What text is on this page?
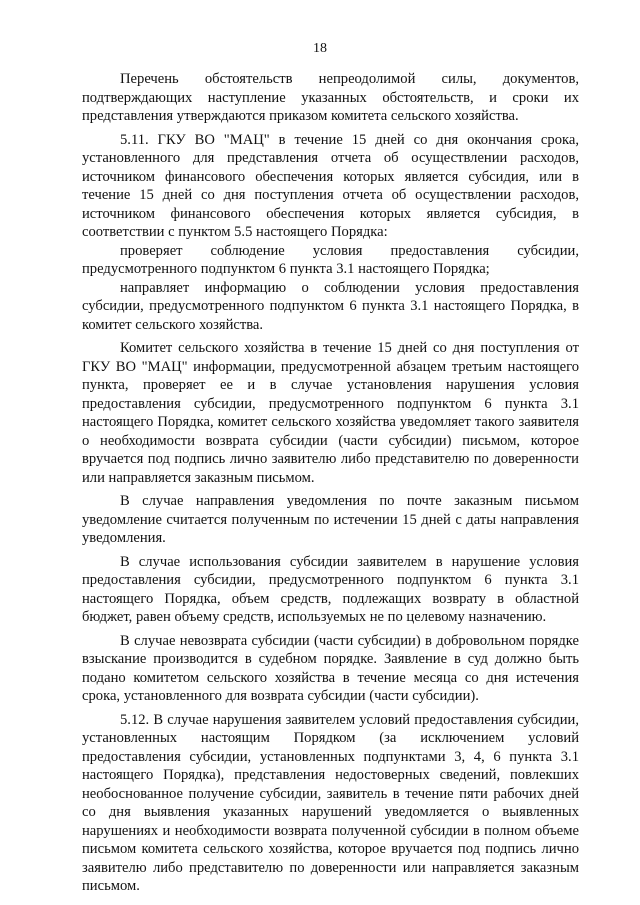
18

Перечень обстоятельств непреодолимой силы, документов, подтверждающих наступление указанных обстоятельств, и сроки их представления утверждаются приказом комитета сельского хозяйства.

5.11. ГКУ ВО "МАЦ" в течение 15 дней со дня окончания срока, установленного для представления отчета об осуществлении расходов, источником финансового обеспечения которых является субсидия, или в течение 15 дней со дня поступления отчета об осуществлении расходов, источником финансового обеспечения которых является субсидия, в соответствии с пунктом 5.5 настоящего Порядка:

проверяет соблюдение условия предоставления субсидии, предусмотренного подпунктом 6 пункта 3.1 настоящего Порядка;

направляет информацию о соблюдении условия предоставления субсидии, предусмотренного подпунктом 6 пункта 3.1 настоящего Порядка, в комитет сельского хозяйства.

Комитет сельского хозяйства в течение 15 дней со дня поступления от ГКУ ВО "МАЦ" информации, предусмотренной абзацем третьим настоящего пункта, проверяет ее и в случае установления нарушения условия предоставления субсидии, предусмотренного подпунктом 6 пункта 3.1 настоящего Порядка, комитет сельского хозяйства уведомляет такого заявителя о необходимости возврата субсидии (части субсидии) письмом, которое вручается под подпись лично заявителю либо представителю по доверенности или направляется заказным письмом.

В случае направления уведомления по почте заказным письмом уведомление считается полученным по истечении 15 дней с даты направления уведомления.

В случае использования субсидии заявителем в нарушение условия предоставления субсидии, предусмотренного подпунктом 6 пункта 3.1 настоящего Порядка, объем средств, подлежащих возврату в областной бюджет, равен объему средств, используемых не по целевому назначению.

В случае невозврата субсидии (части субсидии) в добровольном порядке взыскание производится в судебном порядке. Заявление в суд должно быть подано комитетом сельского хозяйства в течение месяца со дня истечения срока, установленного для возврата субсидии (части субсидии).

5.12. В случае нарушения заявителем условий предоставления субсидии, установленных настоящим Порядком (за исключением условий предоставления субсидии, установленных подпунктами 3, 4, 6 пункта 3.1 настоящего Порядка), представления недостоверных сведений, повлекших необоснованное получение субсидии, заявитель в течение пяти рабочих дней со дня выявления указанных нарушений уведомляется о выявленных нарушениях и необходимости возврата полученной субсидии в полном объеме письмом комитета сельского хозяйства, которое вручается под подпись лично заявителю либо представителю по доверенности или направляется заказным письмом.
